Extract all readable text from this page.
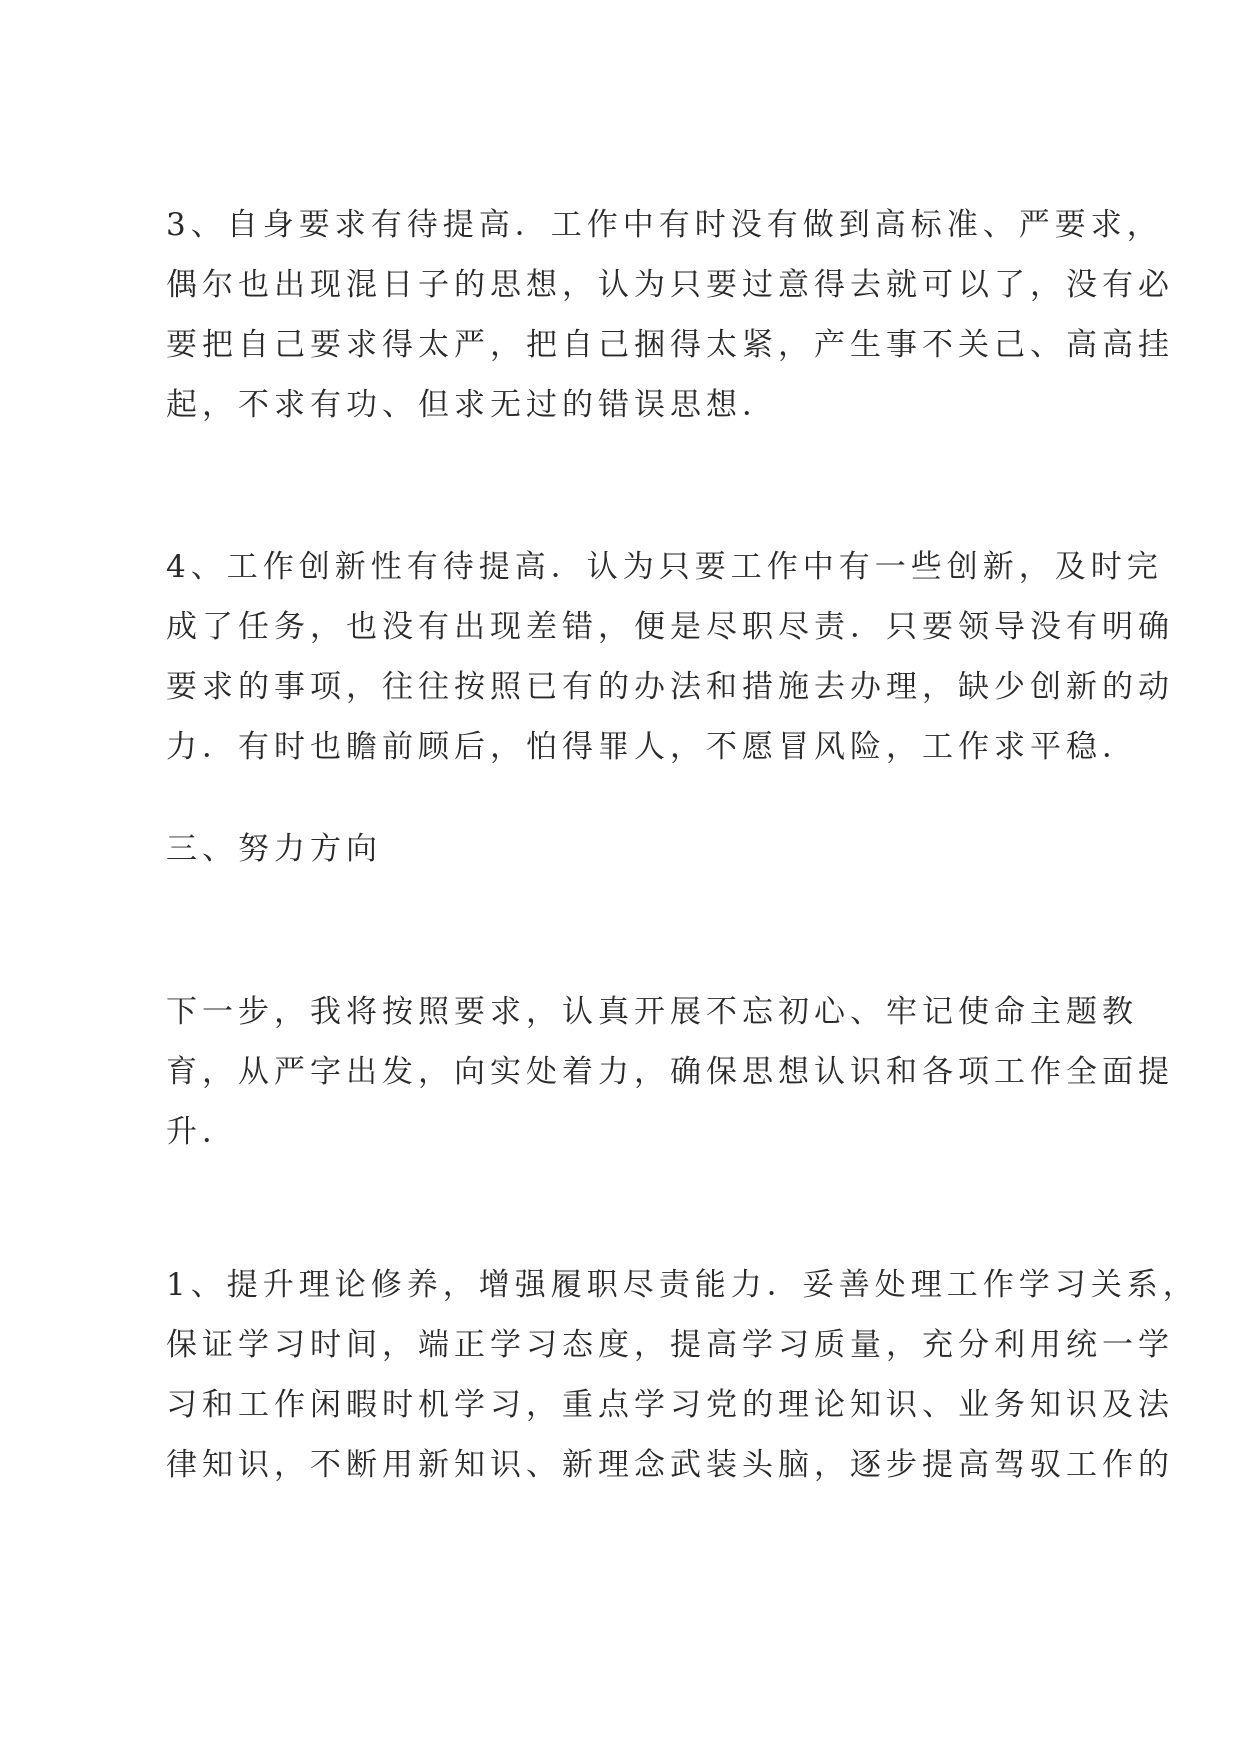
3、自身要求有待提高．工作中有时没有做到高标准、严要求，
偶尔也出现混日子的思想，认为只要过意得去就可以了，没有必
要把自己要求得太严，把自己捆得太紧，产生事不关己、高高挂
起，不求有功、但求无过的错误思想．
4、工作创新性有待提高．认为只要工作中有一些创新，及时完
成了任务，也没有出现差错，便是尽职尽责．只要领导没有明确
要求的事项，往往按照已有的办法和措施去办理，缺少创新的动
力．有时也瞻前顾后，怕得罪人，不愿冒风险，工作求平稳．
三、努力方向
下一步，我将按照要求，认真开展不忘初心、牢记使命主题教
育，从严字出发，向实处着力，确保思想认识和各项工作全面提
升．
1、提升理论修养，增强履职尽责能力．妥善处理工作学习关系，
保证学习时间，端正学习态度，提高学习质量，充分利用统一学
习和工作闲暇时机学习，重点学习党的理论知识、业务知识及法
律知识，不断用新知识、新理念武装头脑，逐步提高驾驭工作的
